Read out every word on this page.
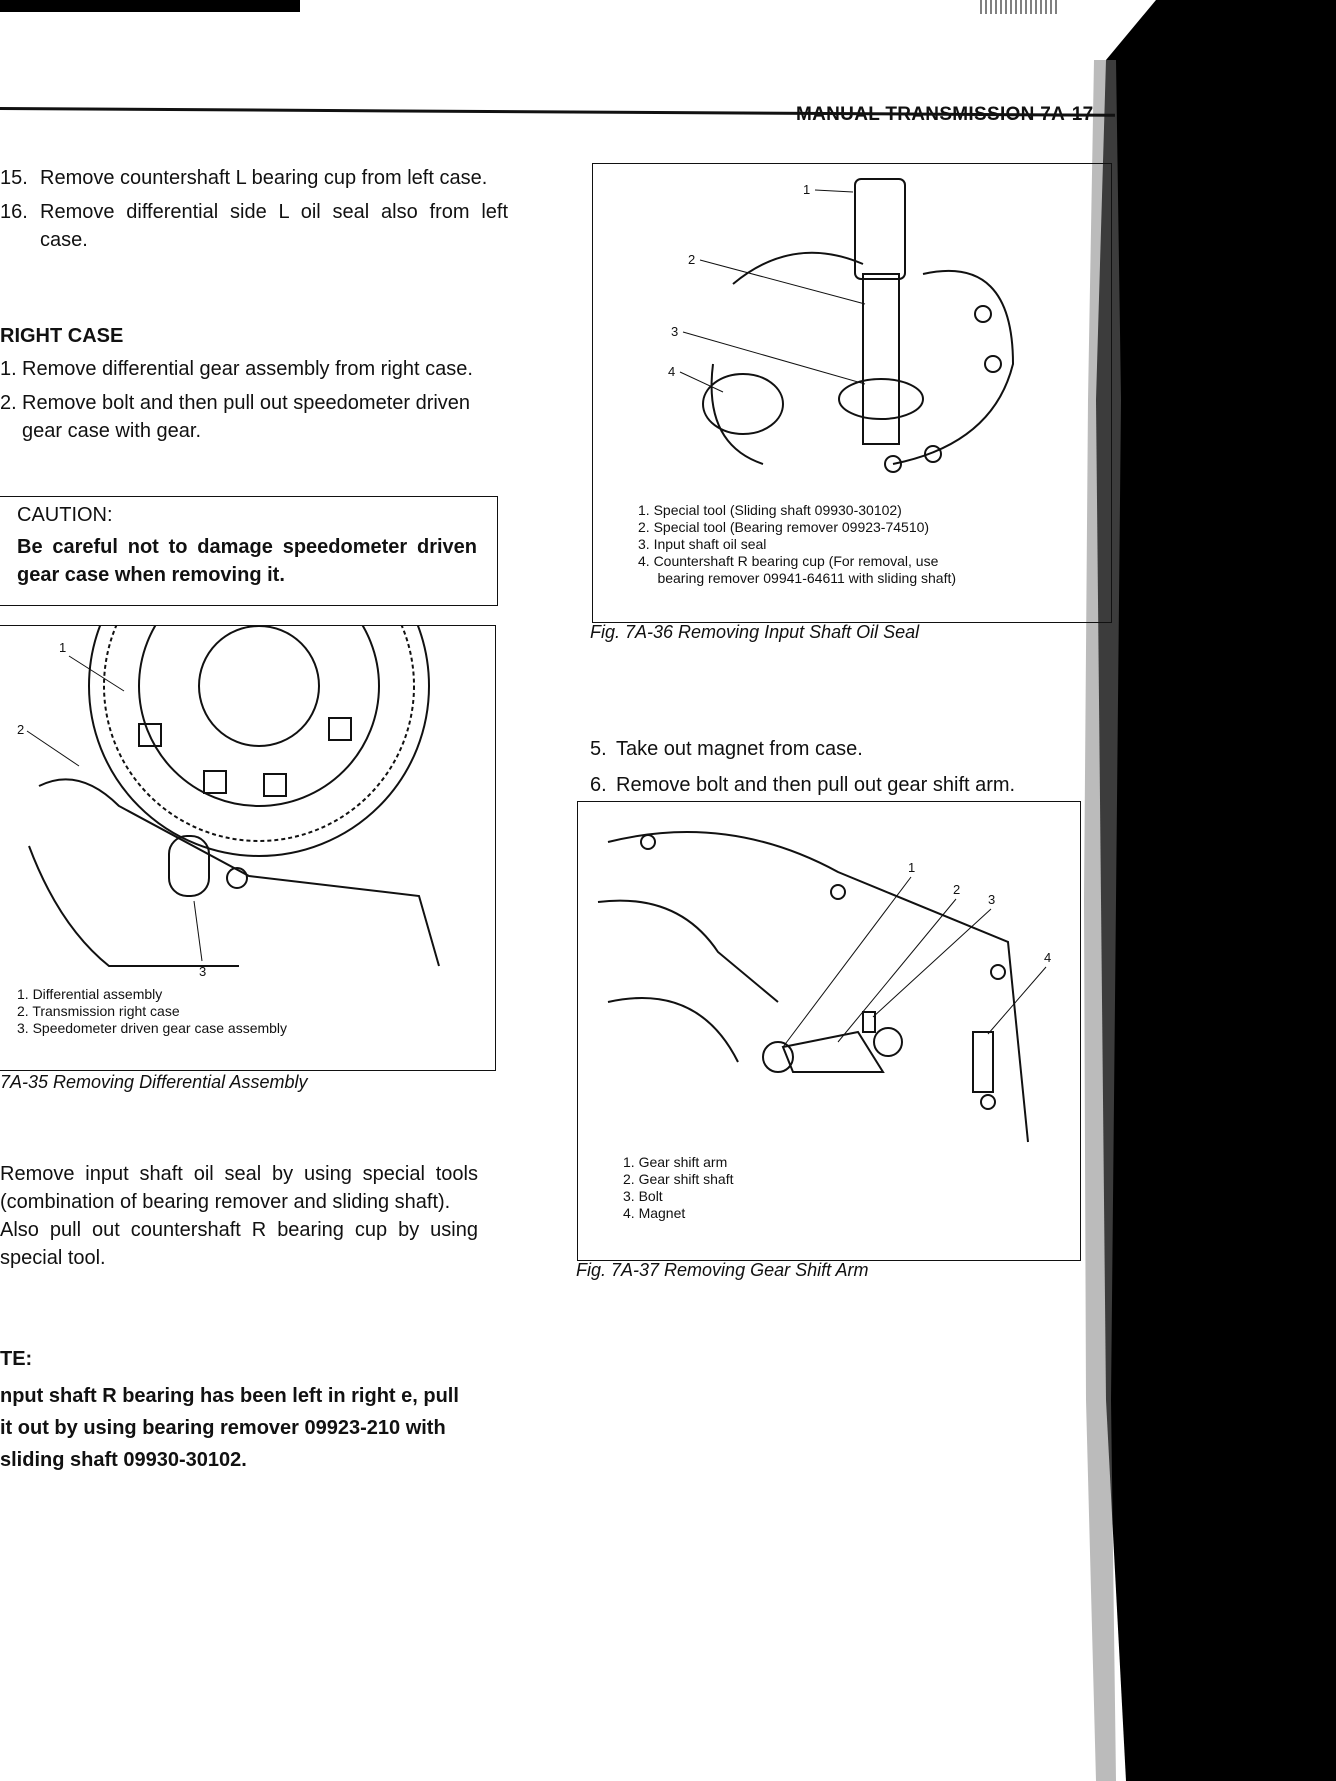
MANUAL TRANSMISSION 7A-17
15. Remove countershaft L bearing cup from left case.
16. Remove differential side L oil seal also from left case.
RIGHT CASE
1. Remove differential gear assembly from right case.
2. Remove bolt and then pull out speedometer driven gear case with gear.
CAUTION:
Be careful not to damage speedometer driven gear case when removing it.
1
2
3
1. Differential assembly
2. Transmission right case
3. Speedometer driven gear case assembly
7A-35 Removing Differential Assembly
Remove input shaft oil seal by using special tools (combination of bearing remover and sliding shaft).
Also pull out countershaft R bearing cup by using special tool.
TE:
nput shaft R bearing has been left in right e, pull it out by using bearing remover 09923-210 with sliding shaft 09930-30102.
1
2
3
4
1. Special tool (Sliding shaft 09930-30102)
2. Special tool (Bearing remover 09923-74510)
3. Input shaft oil seal
4. Countershaft R bearing cup (For removal, use
bearing remover 09941-64611 with sliding shaft)
Fig. 7A-36 Removing Input Shaft Oil Seal
5. Take out magnet from case.
6. Remove bolt and then pull out gear shift arm.
1
2
3
4
1. Gear shift arm
2. Gear shift shaft
3. Bolt
4. Magnet
Fig. 7A-37 Removing Gear Shift Arm
